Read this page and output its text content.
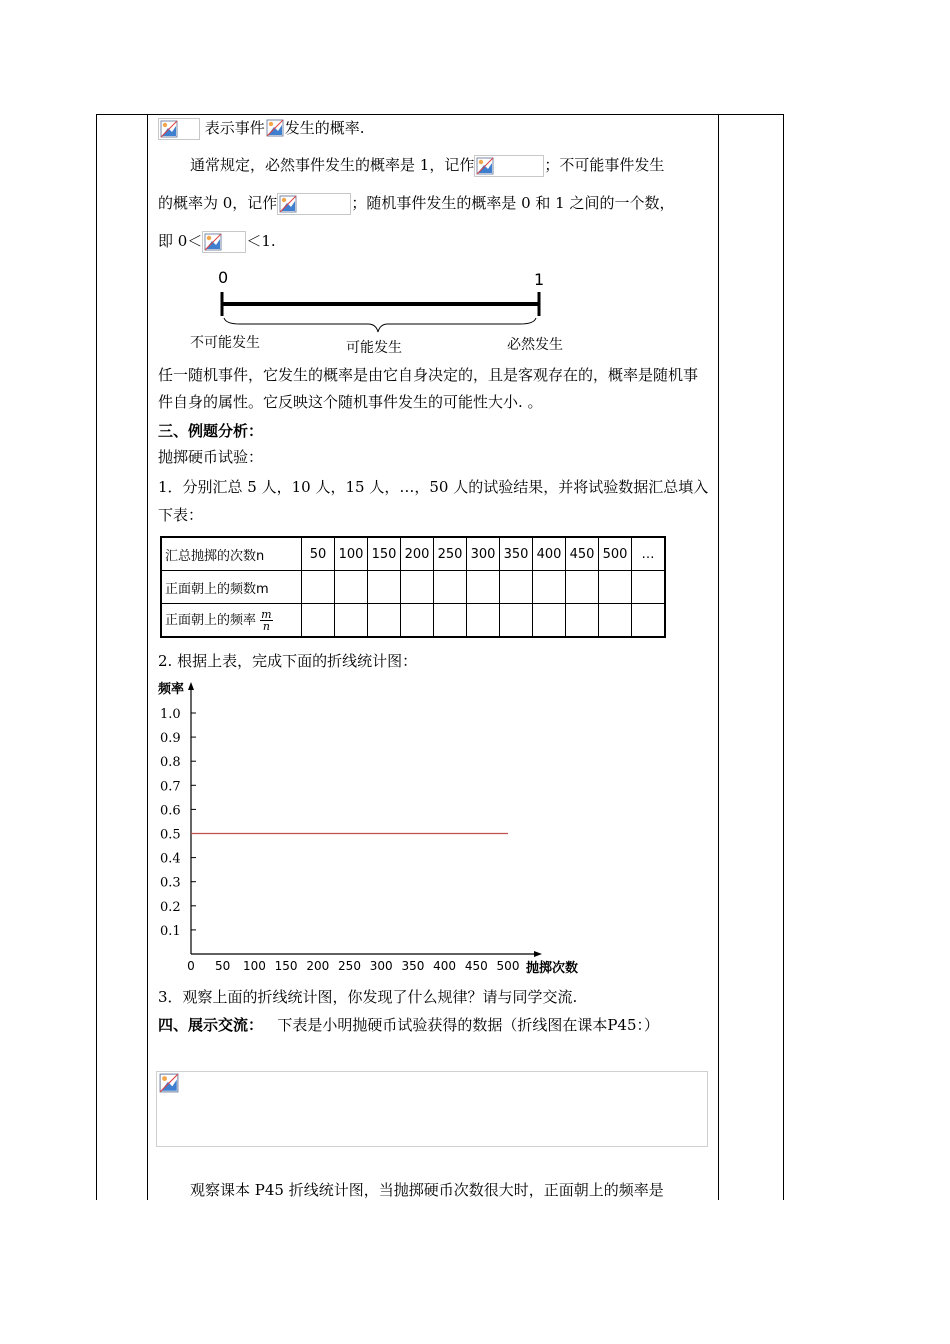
表示事件 发生的概率.
通常规定，必然事件发生的概率是 1，记作	；不可能事件发生
的概率为 0，记作	；随机事件发生的概率是 0 和 1 之间的一个数，
即 0＜	＜1.
0	1
不可能发生	可能发生	必然发生
任一随机事件，它发生的概率是由它自身决定的，且是客观存在的，概率是随机事件自身的属性。它反映这个随机事件发生的可能性大小. 。
三、例题分析：
抛掷硬币试验：
1．分别汇总 5 人，10 人，15 人，…，50 人的试验结果，并将试验数据汇总填入下表：
汇总抛掷的次数n	50	100	150	200	250	300	350	400	450	500	…
正面朝上的频数m											
正面朝上的频率 $\frac{m}{n}$

2. 根据上表，完成下面的折线统计图：
频率
抛掷次数
1.0
0.9
0.8
0.7
0.6
0.5
0.4
0.3
0.2
0.1
0 50 100 150 200 250 300 350 400 450 500
3．观察上面的折线统计图，你发现了什么规律？请与同学交流.
四、展示交流： 下表是小明抛硬币试验获得的数据（折线图在课本P45：）
观察课本 P45 折线统计图，当抛掷硬币次数很大时，正面朝上的频率是
